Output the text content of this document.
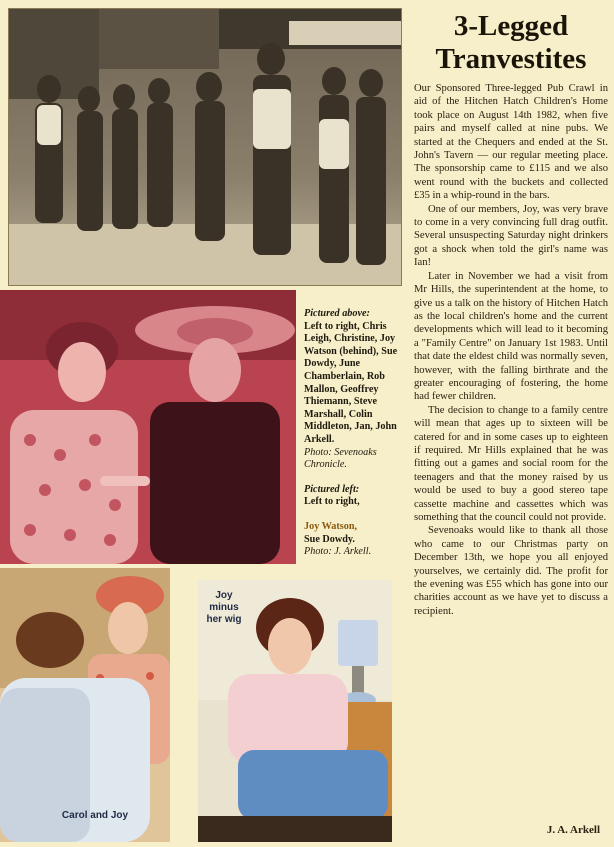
Carol and Joy
Joy
minus
her wig
Pictured above:
Left to right, Chris Leigh, Christine, Joy Watson (behind), Sue Dowdy, June Chamberlain, Rob Mallon, Geoffrey Thiemann, Steve Marshall, Colin Middleton, Jan, John Arkell.
Photo: Sevenoaks Chronicle.
Pictured left:
Left to right,
Joy Watson,
Sue Dowdy.
Photo: J. Arkell.
3-Legged
Tranvestites

Our Sponsored Three-legged Pub Crawl in aid of the Hitchen Hatch Children's Home took place on August 14th 1982, when five pairs and myself called at nine pubs. We started at the Chequers and ended at the St. John's Tavern — our regular meeting place. The sponsorship came to £115 and we also went round with the buckets and collected £35 in a whip-round in the bars.

One of our members, Joy, was very brave to come in a very convincing full drag outfit. Several unsuspecting Saturday night drinkers got a shock when told the girl's name was Ian!

Later in November we had a visit from Mr Hills, the superintendent at the home, to give us a talk on the history of Hitchen Hatch as the local children's home and the current developments which will lead to it becoming a "Family Centre" on January 1st 1983. Until that date the eldest child was normally seven, however, with the falling birthrate and the greater encouraging of fostering, the home had fewer children.

The decision to change to a family centre will mean that ages up to sixteen will be catered for and in some cases up to eighteen if required. Mr Hills explained that he was fitting out a games and social room for the teenagers and that the money raised by us would be used to buy a good stereo tape cassette machine and cassettes which was something that the council could not provide.

Sevenoaks would like to thank all those who came to our Christmas party on December 13th, we hope you all enjoyed yourselves, we certainly did. The profit for the evening was £55 which has gone into our charities account as we have yet to discuss a recipient.

J. A. Arkell
